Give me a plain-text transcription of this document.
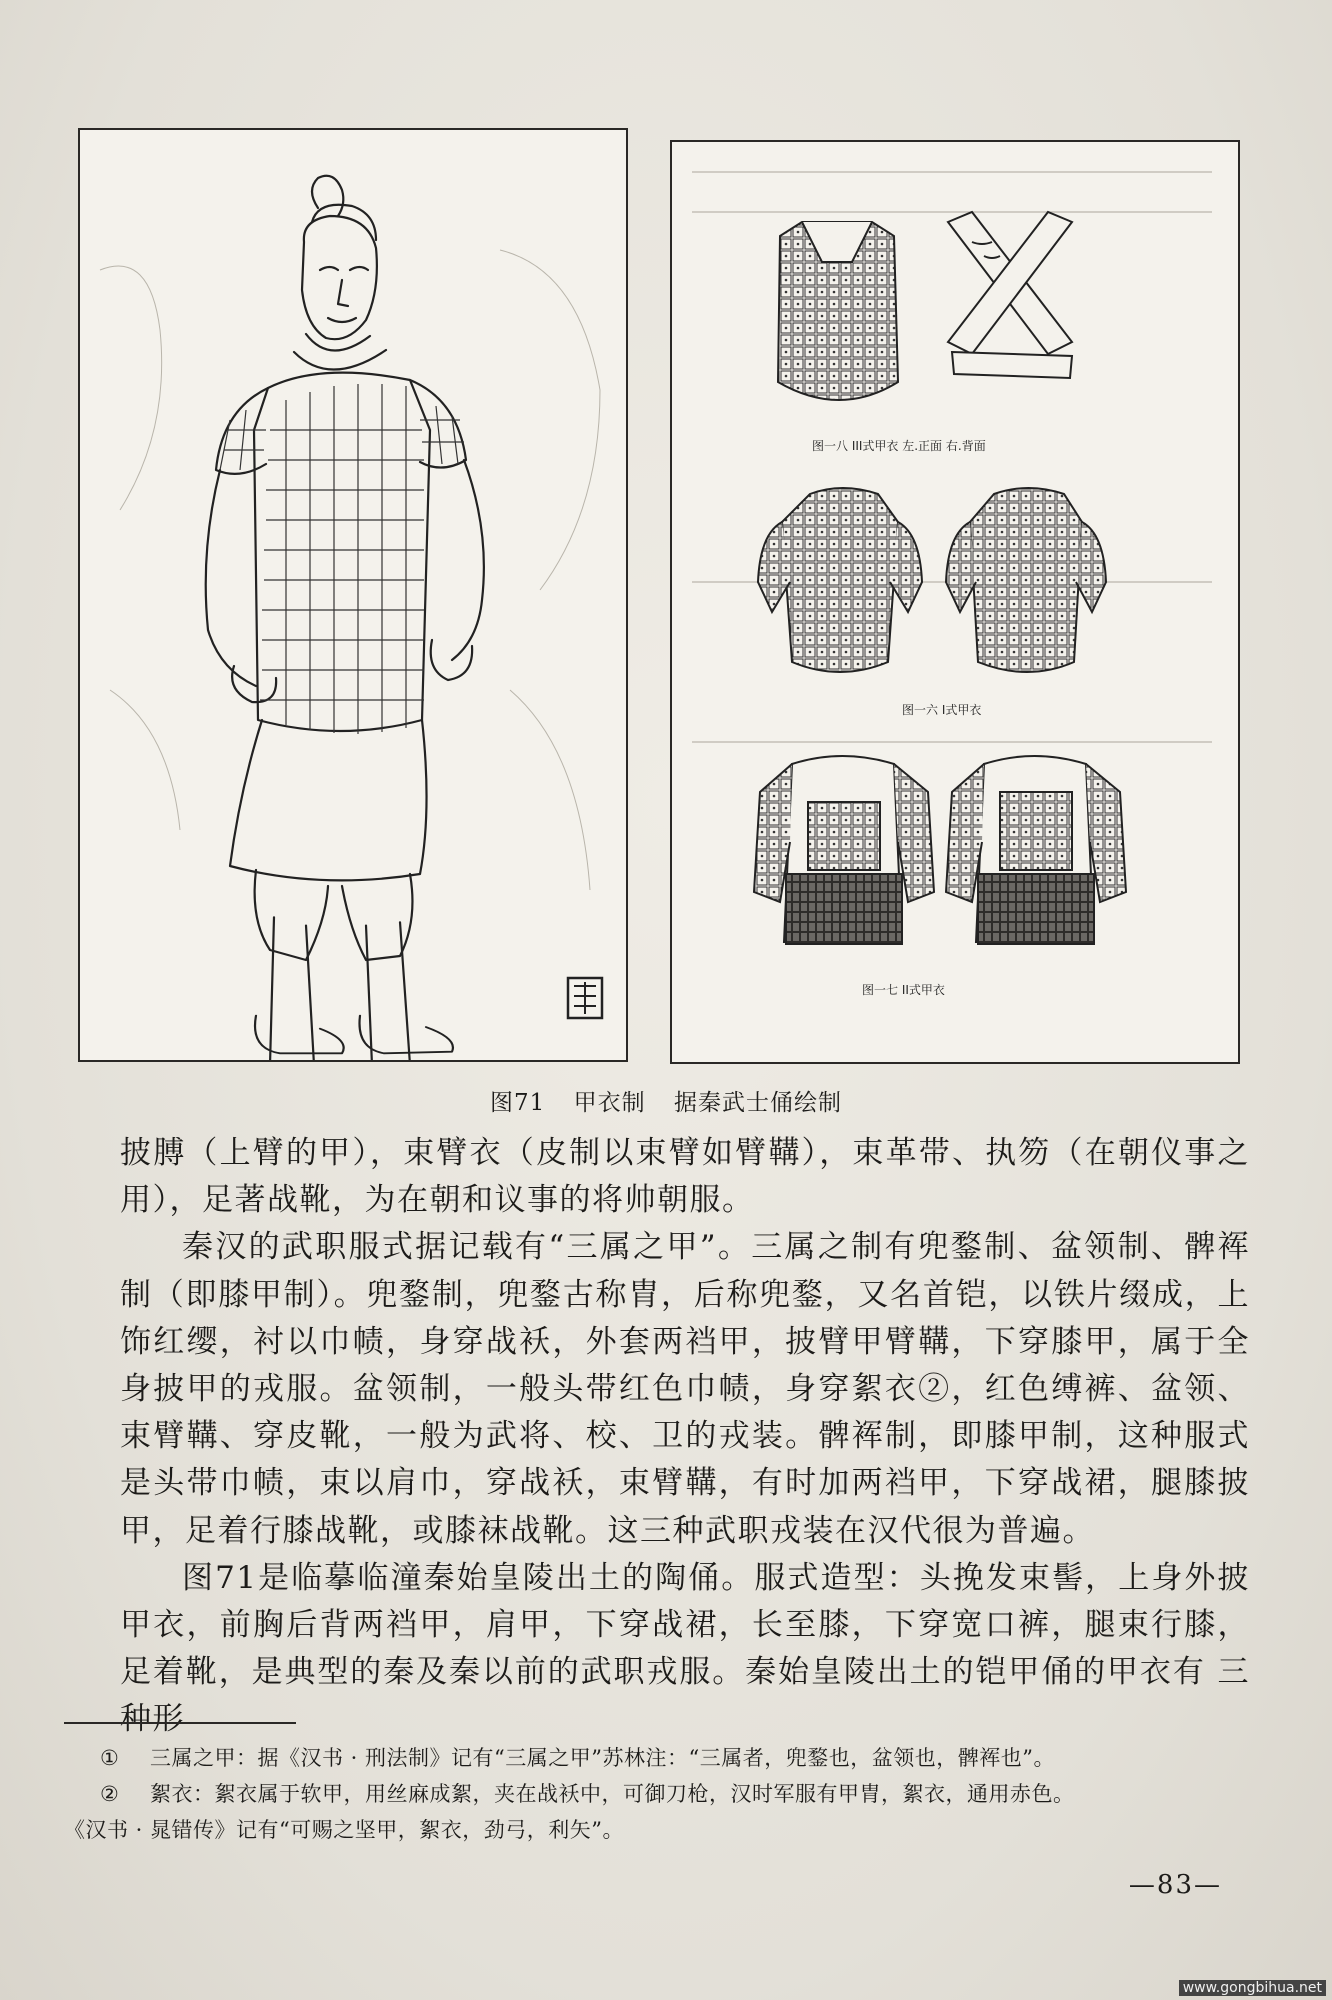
图一八 III式甲衣 左.正面 右.背面
图一六 I式甲衣
图一七 II式甲衣
图71 甲衣制 据秦武士俑绘制

披膊（上臂的甲），束臂衣（皮制以束臂如臂鞲），束革带、执笏（在朝仪事之用），足著战靴，为在朝和议事的将帅朝服。

秦汉的武职服式据记载有“三属之甲”。三属之制有兜鍪制、盆领制、髀裈制（即膝甲制）。兜鍪制，兜鍪古称胄，后称兜鍪，又名首铠，以铁片缀成，上饰红缨，衬以巾帻，身穿战袄，外套两裆甲，披臂甲臂鞲，下穿膝甲，属于全身披甲的戎服。盆领制，一般头带红色巾帻，身穿絮衣②，红色缚裤、盆领、束臂鞲、穿皮靴，一般为武将、校、卫的戎装。髀裈制，即膝甲制，这种服式是头带巾帻，束以肩巾，穿战袄，束臂鞲，有时加两裆甲，下穿战裙，腿膝披甲，足着行膝战靴，或膝袜战靴。这三种武职戎装在汉代很为普遍。

图71是临摹临潼秦始皇陵出土的陶俑。服式造型：头挽发束髻，上身外披甲衣，前胸后背两裆甲，肩甲，下穿战裙，长至膝，下穿宽口裤，腿束行膝，足着靴，是典型的秦及秦以前的武职戎服。秦始皇陵出土的铠甲俑的甲衣有 三种形

① 三属之甲：据《汉书 · 刑法制》记有“三属之甲”苏林注：“三属者，兜鍪也，盆领也，髀裈也”。

② 絮衣：絮衣属于软甲，用丝麻成絮，夹在战袄中，可御刀枪，汉时军服有甲胄，絮衣，通用赤色。

《汉书 · 晁错传》记有“可赐之坚甲，絮衣，劲弓，利矢”。

—83—
www.gongbihua.net
